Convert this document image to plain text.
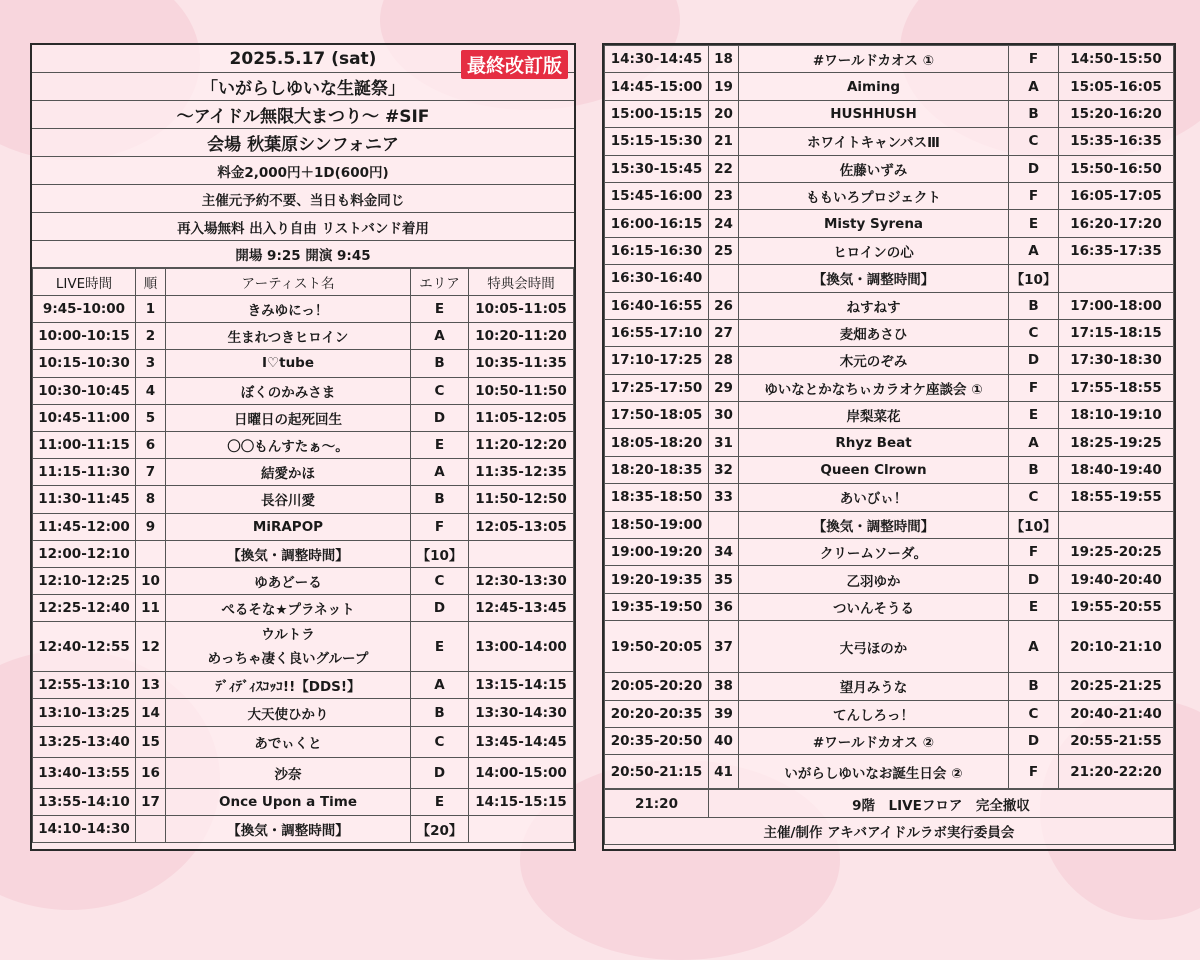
2025.5.17 (sat)	最終改訂版
「いがらしゆいな生誕祭」
〜アイドル無限大まつり〜 #SIF
会場 秋葉原シンフォニア
料金2,000円＋1D(600円)
主催元予約不要、当日も料金同じ
再入場無料 出入り自由 リストバンド着用
開場 9:25 開演 9:45
LIVE時間	順	アーティスト名	エリア	特典会時間
9:45-10:00	1	きみゆにっ！	E	10:05-11:05
10:00-10:15	2	生まれつきヒロイン	A	10:20-11:20
10:15-10:30	3	I♡tube	B	10:35-11:35
10:30-10:45	4	ぼくのかみさま	C	10:50-11:50
10:45-11:00	5	日曜日の起死回生	D	11:05-12:05
11:00-11:15	6	〇〇もんすたぁ〜。	E	11:20-12:20
11:15-11:30	7	結愛かほ	A	11:35-12:35
11:30-11:45	8	長谷川愛	B	11:50-12:50
11:45-12:00	9	MiRAPOP	F	12:05-13:05
12:00-12:10		【換気・調整時間】	【10】	
12:10-12:25	10	ゆあどーる	C	12:30-13:30
12:25-12:40	11	ぺるそな★プラネット	D	12:45-13:45
12:40-12:55	12	ウルトラ
めっちゃ凄く良いグループ	E	13:00-14:00
12:55-13:10	13	ﾃﾞｨﾃﾞｨｽｺｯｺ!!【DDS!】	A	13:15-14:15
13:10-13:25	14	大天使ひかり	B	13:30-14:30
13:25-13:40	15	あでぃくと	C	13:45-14:45
13:40-13:55	16	沙奈	D	14:00-15:00
13:55-14:10	17	Once Upon a Time	E	14:15-15:15
14:10-14:30		【換気・調整時間】	【20】	
14:30-14:45	18	#ワールドカオス ①	F	14:50-15:50
14:45-15:00	19	Aiming	A	15:05-16:05
15:00-15:15	20	HUSHHUSH	B	15:20-16:20
15:15-15:30	21	ホワイトキャンパスⅢ	C	15:35-16:35
15:30-15:45	22	佐藤いずみ	D	15:50-16:50
15:45-16:00	23	ももいろプロジェクト	F	16:05-17:05
16:00-16:15	24	Misty Syrena	E	16:20-17:20
16:15-16:30	25	ヒロインの心	A	16:35-17:35
16:30-16:40		【換気・調整時間】	【10】	
16:40-16:55	26	ねすねす	B	17:00-18:00
16:55-17:10	27	麦畑あさひ	C	17:15-18:15
17:10-17:25	28	木元のぞみ	D	17:30-18:30
17:25-17:50	29	ゆいなとかなちぃカラオケ座談会 ①	F	17:55-18:55
17:50-18:05	30	岸梨菜花	E	18:10-19:10
18:05-18:20	31	Rhyz Beat	A	18:25-19:25
18:20-18:35	32	Queen Clrown	B	18:40-19:40
18:35-18:50	33	あいびぃ！	C	18:55-19:55
18:50-19:00		【換気・調整時間】	【10】	
19:00-19:20	34	クリームソーダ。	F	19:25-20:25
19:20-19:35	35	乙羽ゆか	D	19:40-20:40
19:35-19:50	36	ついんそうる	E	19:55-20:55
19:50-20:05	37	大弓ほのか	A	20:10-21:10
20:05-20:20	38	望月みうな	B	20:25-21:25
20:20-20:35	39	てんしろっ！	C	20:40-21:40
20:35-20:50	40	#ワールドカオス ②	D	20:55-21:55
20:50-21:15	41	いがらしゆいなお誕生日会 ②	F	21:20-22:20
21:20	9階　LIVEフロア　完全撤収
主催/制作 アキバアイドルラボ実行委員会
